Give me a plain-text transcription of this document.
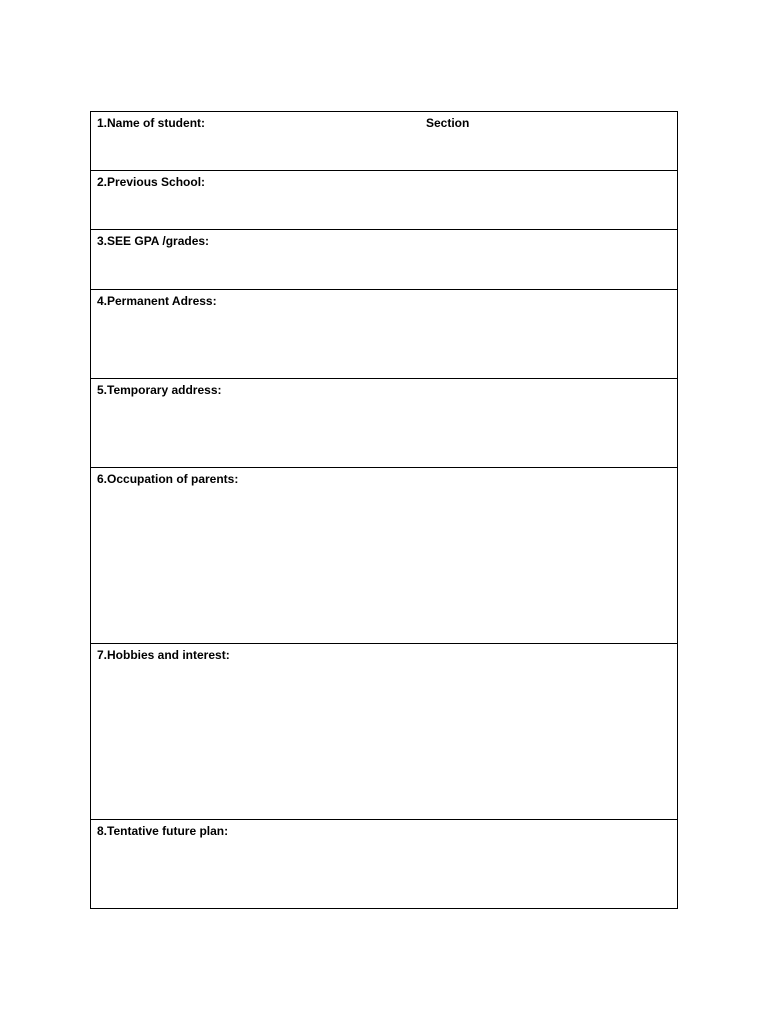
1.Name of student:	Section

2.Previous School:
3.SEE GPA /grades:
4.Permanent Adress:
5.Temporary address:
6.Occupation of parents:
7.Hobbies and interest:
8.Tentative future plan:
